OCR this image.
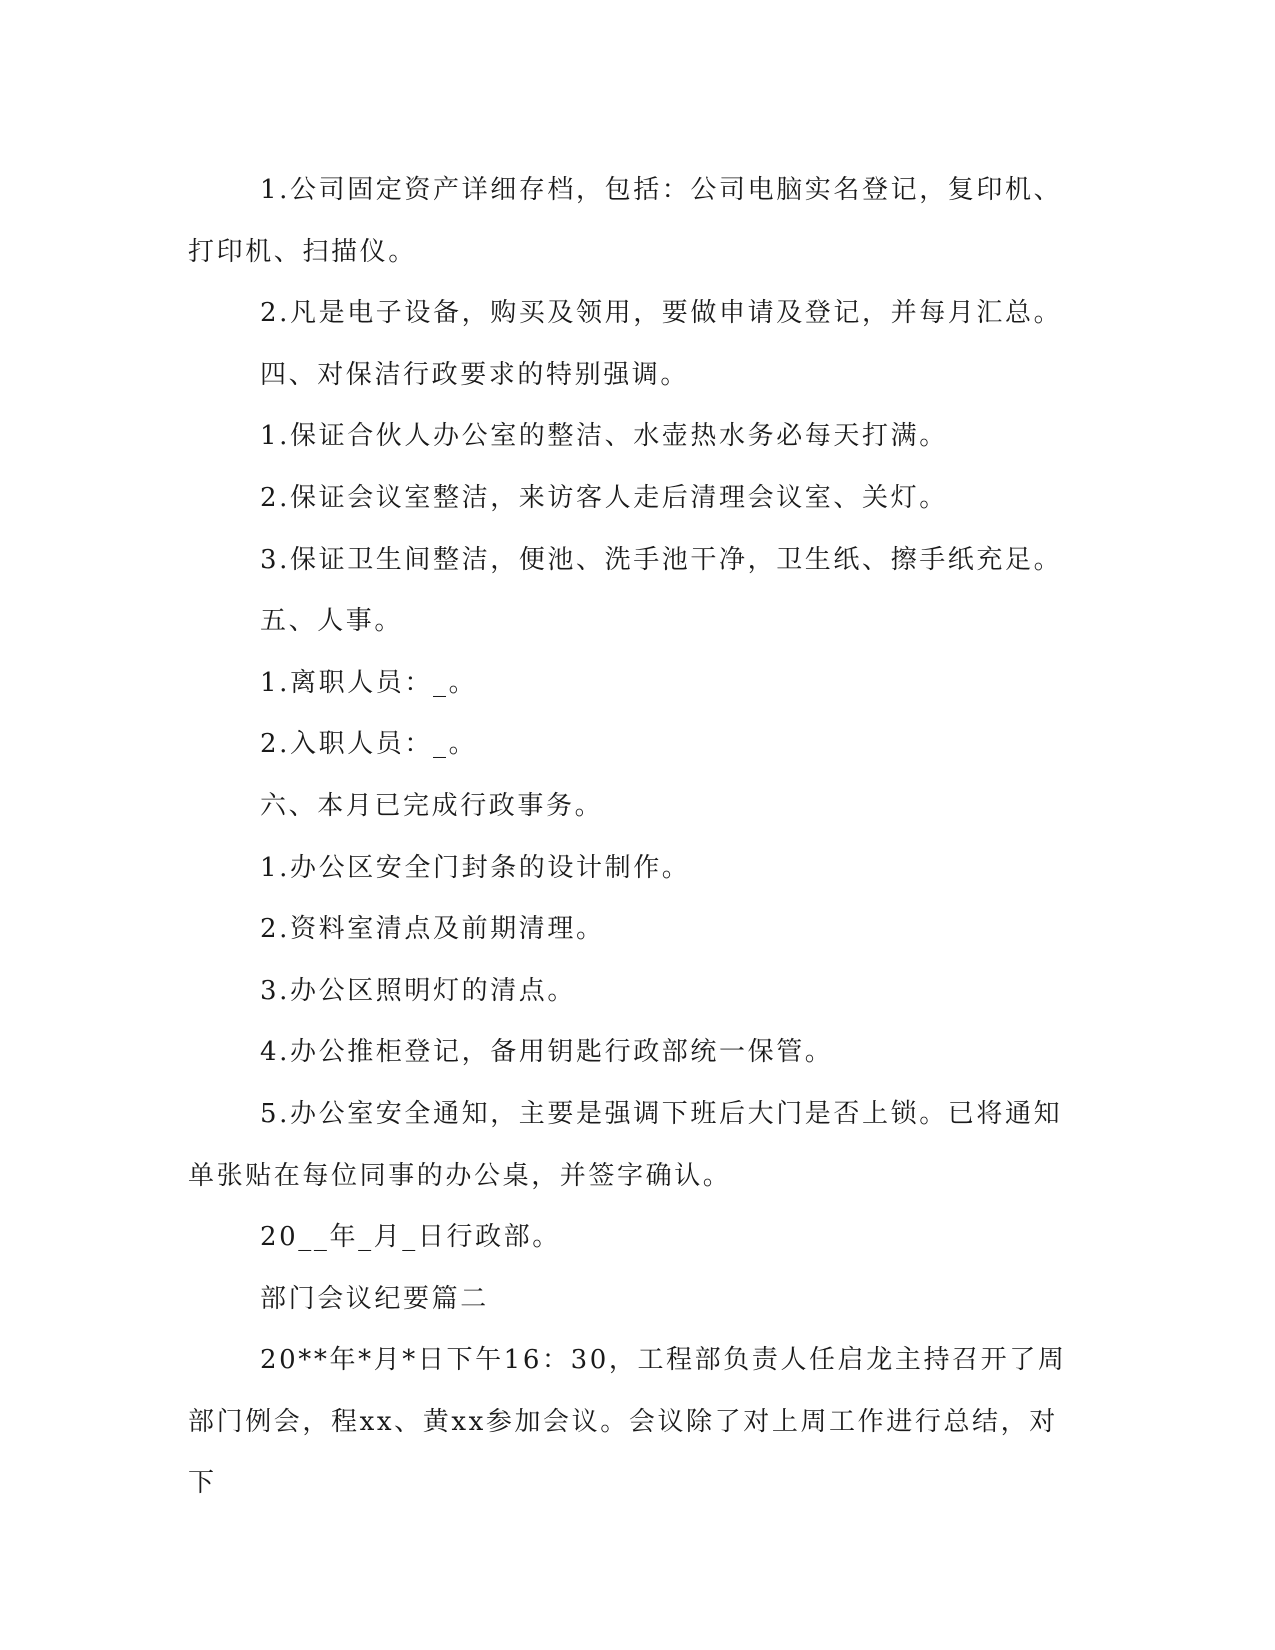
1.公司固定资产详细存档，包括：公司电脑实名登记，复印机、打印机、扫描仪。

2.凡是电子设备，购买及领用，要做申请及登记，并每月汇总。

四、对保洁行政要求的特别强调。

1.保证合伙人办公室的整洁、水壶热水务必每天打满。

2.保证会议室整洁，来访客人走后清理会议室、关灯。

3.保证卫生间整洁，便池、洗手池干净，卫生纸、擦手纸充足。

五、人事。

1.离职人员：_。

2.入职人员：_。

六、本月已完成行政事务。

1.办公区安全门封条的设计制作。

2.资料室清点及前期清理。

3.办公区照明灯的清点。

4.办公推柜登记，备用钥匙行政部统一保管。

5.办公室安全通知，主要是强调下班后大门是否上锁。已将通知单张贴在每位同事的办公桌，并签字确认。

20__年_月_日行政部。

部门会议纪要篇二

20**年*月*日下午16：30，工程部负责人任启龙主持召开了周部门例会，程xx、黄xx参加会议。会议除了对上周工作进行总结，对下
